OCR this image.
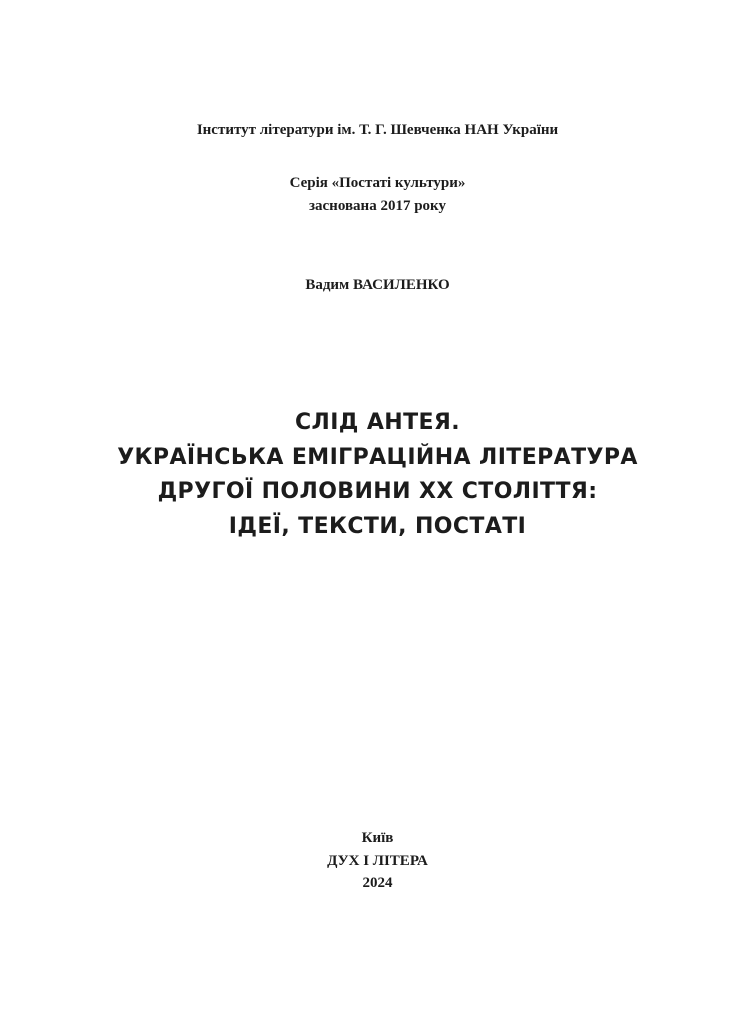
Інститут літератури ім. Т. Г. Шевченка НАН України
Серія «Постаті культури»
заснована 2017 року
Вадим ВАСИЛЕНКО
СЛІД АНТЕЯ.
УКРАЇНСЬКА ЕМІГРАЦІЙНА ЛІТЕРАТУРА
ДРУГОЇ ПОЛОВИНИ XX СТОЛІТТЯ:
ІДЕЇ, ТЕКСТИ, ПОСТАТІ
Київ
ДУХ І ЛІТЕРА
2024
